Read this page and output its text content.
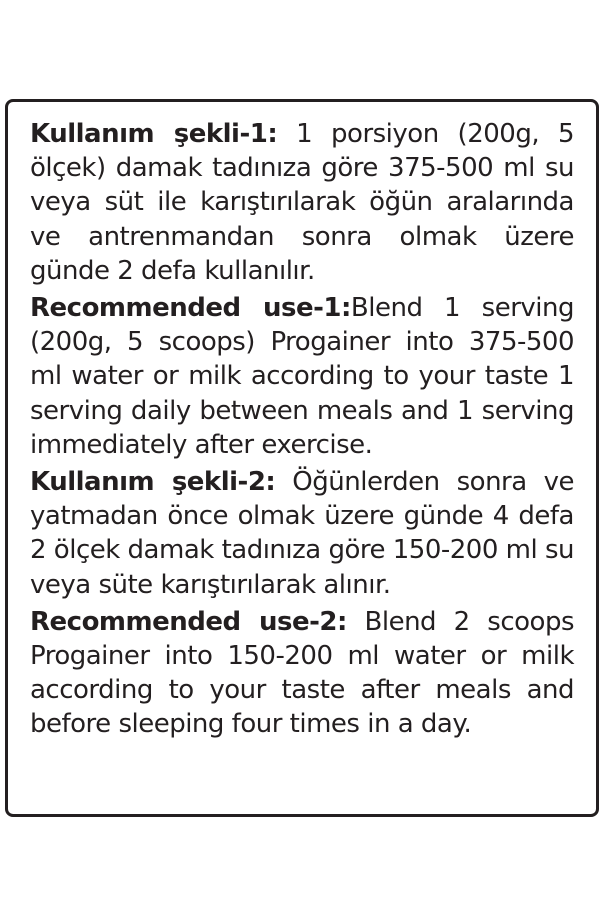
Kullanım şekli-1: 1 porsiyon (200g, 5 ölçek) damak tadınıza göre 375-500 ml su veya süt ile karıştırılarak öğün aralarında ve antrenmandan sonra olmak üzere günde 2 defa kullanılır.

Recommended use-1:Blend 1 serving (200g, 5 scoops) Progainer into 375-500 ml water or milk according to your taste 1 serving daily between meals and 1 serving immediately after exercise.

Kullanım şekli-2: Öğünlerden sonra ve yatmadan önce olmak üzere günde 4 defa 2 ölçek damak tadınıza göre 150-200 ml su veya süte karıştırılarak alınır.

Recommended use-2: Blend 2 scoops Progainer into 150-200 ml water or milk according to your taste after meals and before sleeping four times in a day.
